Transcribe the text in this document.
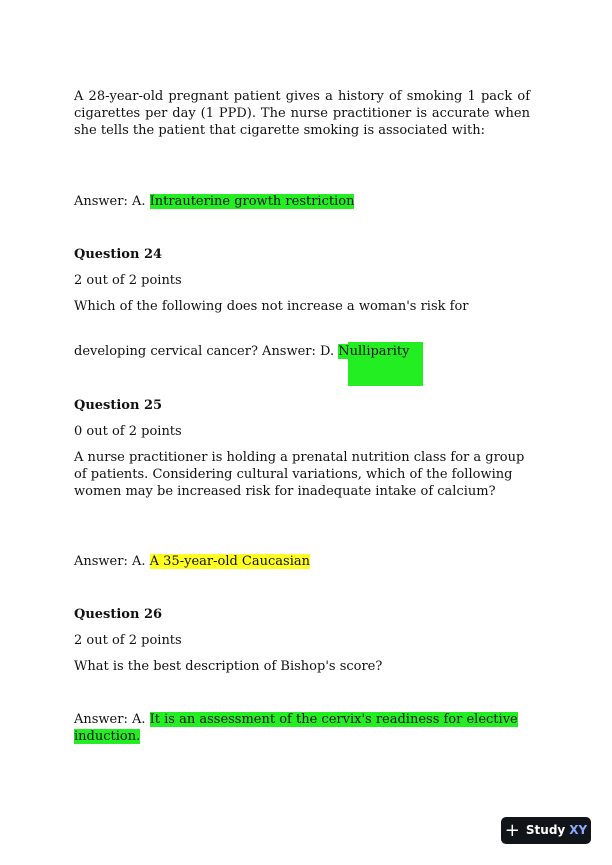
A 28-year-old pregnant patient gives a history of smoking 1 pack of cigarettes per day (1 PPD). The nurse practitioner is accurate when she tells the patient that cigarette smoking is associated with:

Answer: A. Intrauterine growth restriction
Question 24
2 out of 2 points
Which of the following does not increase a woman's risk for
developing cervical cancer? Answer: D. Nulliparity
Question 25
0 out of 2 points

A nurse practitioner is holding a prenatal nutrition class for a group of patients. Considering cultural variations, which of the following women may be increased risk for inadequate intake of calcium?

Answer: A. A 35-year-old Caucasian
Question 26
2 out of 2 points
What is the best description of Bishop's score?
Answer: A. It is an assessment of the cervix's readiness for elective
induction.
+ Study XY
